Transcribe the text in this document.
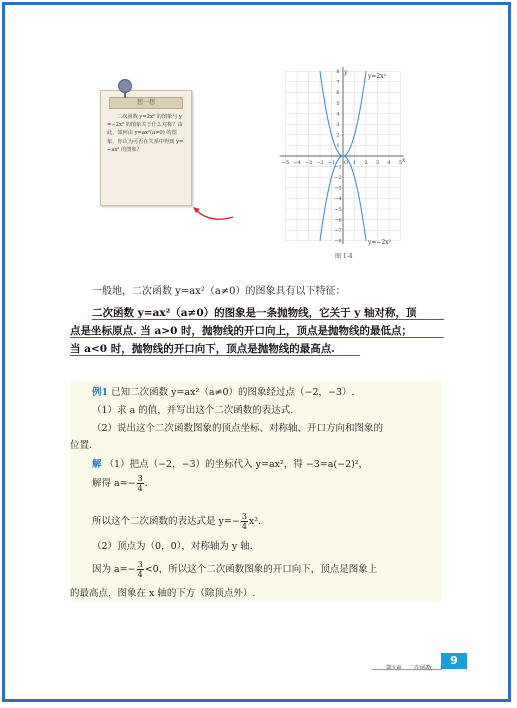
想一想
二次函数 y=2x² 的图象与 y=−2x² 的图象关于什么对称？由此，如何由 y=ax²(a≠0) 的图象，你认为可否在关系中得到 y=−ax² 的图象？
−5 −4 −3 −2 −1 O 1 2 3 4 5
8
7
6
5
4
3
2
1
−1
−2
−3
−4
−5
−6
−7
−8
y=2x²
y=−2x²
x
y
图 1-4
一般地，二次函数 y=ax²（a≠0）的图象具有以下特征：
二次函数 y=ax²（a≠0）的图象是一条抛物线，它关于 y 轴对称，顶
点是坐标原点. 当 a>0 时，抛物线的开口向上，顶点是抛物线的最低点；
当 a<0 时，抛物线的开口向下，顶点是抛物线的最高点.
例1 已知二次函数 y=ax²（a≠0）的图象经过点（−2，−3）.
（1）求 a 的值，并写出这个二次函数的表达式.
（2）说出这个二次函数图象的顶点坐标、对称轴、开口方向和图象的
位置.
解 （1）把点（−2，−3）的坐标代入 y=ax²，得 −3=a(−2)²，
解得 $a=- \frac{3}{4}$ .
所以这个二次函数的表达式是 $y=- \frac{3}{4} x^2$.
（2）顶点为（0，0），对称轴为 y 轴.
因为 $a=- \frac{3}{4} <0$，所以这个二次函数图象的开口向下，顶点是图象上
的最高点，图象在 x 轴的下方（除顶点外）.
9
